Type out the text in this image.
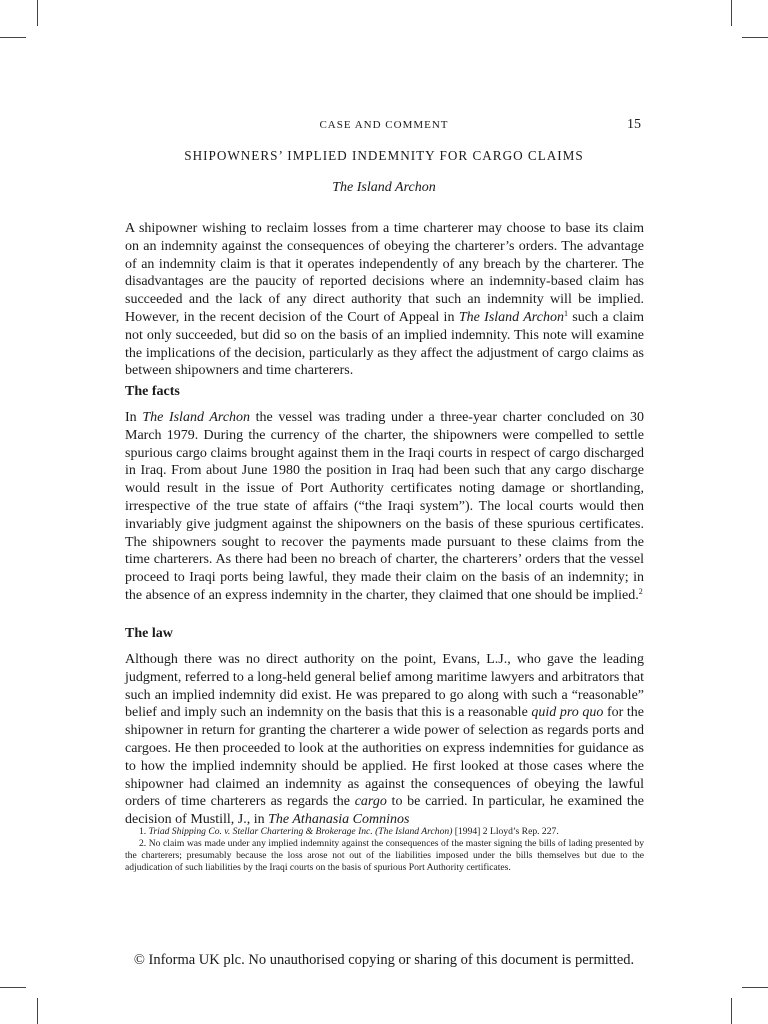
CASE AND COMMENT	15
SHIPOWNERS’ IMPLIED INDEMNITY FOR CARGO CLAIMS
The Island Archon

A shipowner wishing to reclaim losses from a time charterer may choose to base its claim on an indemnity against the consequences of obeying the charterer’s orders. The advantage of an indemnity claim is that it operates independently of any breach by the charterer. The disadvantages are the paucity of reported decisions where an indemnity-based claim has succeeded and the lack of any direct authority that such an indemnity will be implied. However, in the recent decision of the Court of Appeal in The Island Archon$^1$ such a claim not only succeeded, but did so on the basis of an implied indemnity. This note will examine the implications of the decision, particularly as they affect the adjustment of cargo claims as between shipowners and time charterers.

The facts

In The Island Archon the vessel was trading under a three-year charter concluded on 30 March 1979. During the currency of the charter, the shipowners were compelled to settle spurious cargo claims brought against them in the Iraqi courts in respect of cargo discharged in Iraq. From about June 1980 the position in Iraq had been such that any cargo discharge would result in the issue of Port Authority certificates noting damage or shortlanding, irrespective of the true state of affairs (“the Iraqi system”). The local courts would then invariably give judgment against the shipowners on the basis of these spurious certificates. The shipowners sought to recover the payments made pursuant to these claims from the time charterers. As there had been no breach of charter, the charterers’ orders that the vessel proceed to Iraqi ports being lawful, they made their claim on the basis of an indemnity; in the absence of an express indemnity in the charter, they claimed that one should be implied.$^2$

The law

Although there was no direct authority on the point, Evans, L.J., who gave the leading judgment, referred to a long-held general belief among maritime lawyers and arbitrators that such an implied indemnity did exist. He was prepared to go along with such a “reasonable” belief and imply such an indemnity on the basis that this is a reasonable quid pro quo for the shipowner in return for granting the charterer a wide power of selection as regards ports and cargoes. He then proceeded to look at the authorities on express indemnities for guidance as to how the implied indemnity should be applied. He first looked at those cases where the shipowner had claimed an indemnity as against the consequences of obeying the lawful orders of time charterers as regards the cargo to be carried. In particular, he examined the decision of Mustill, J., in The Athanasia Comninos

1. Triad Shipping Co. v. Stellar Chartering & Brokerage Inc. (The Island Archon) [1994] 2 Lloyd’s Rep. 227.

2. No claim was made under any implied indemnity against the consequences of the master signing the bills of lading presented by the charterers; presumably because the loss arose not out of the liabilities imposed under the bills themselves but due to the adjudication of such liabilities by the Iraqi courts on the basis of spurious Port Authority certificates.

© Informa UK plc. No unauthorised copying or sharing of this document is permitted.
